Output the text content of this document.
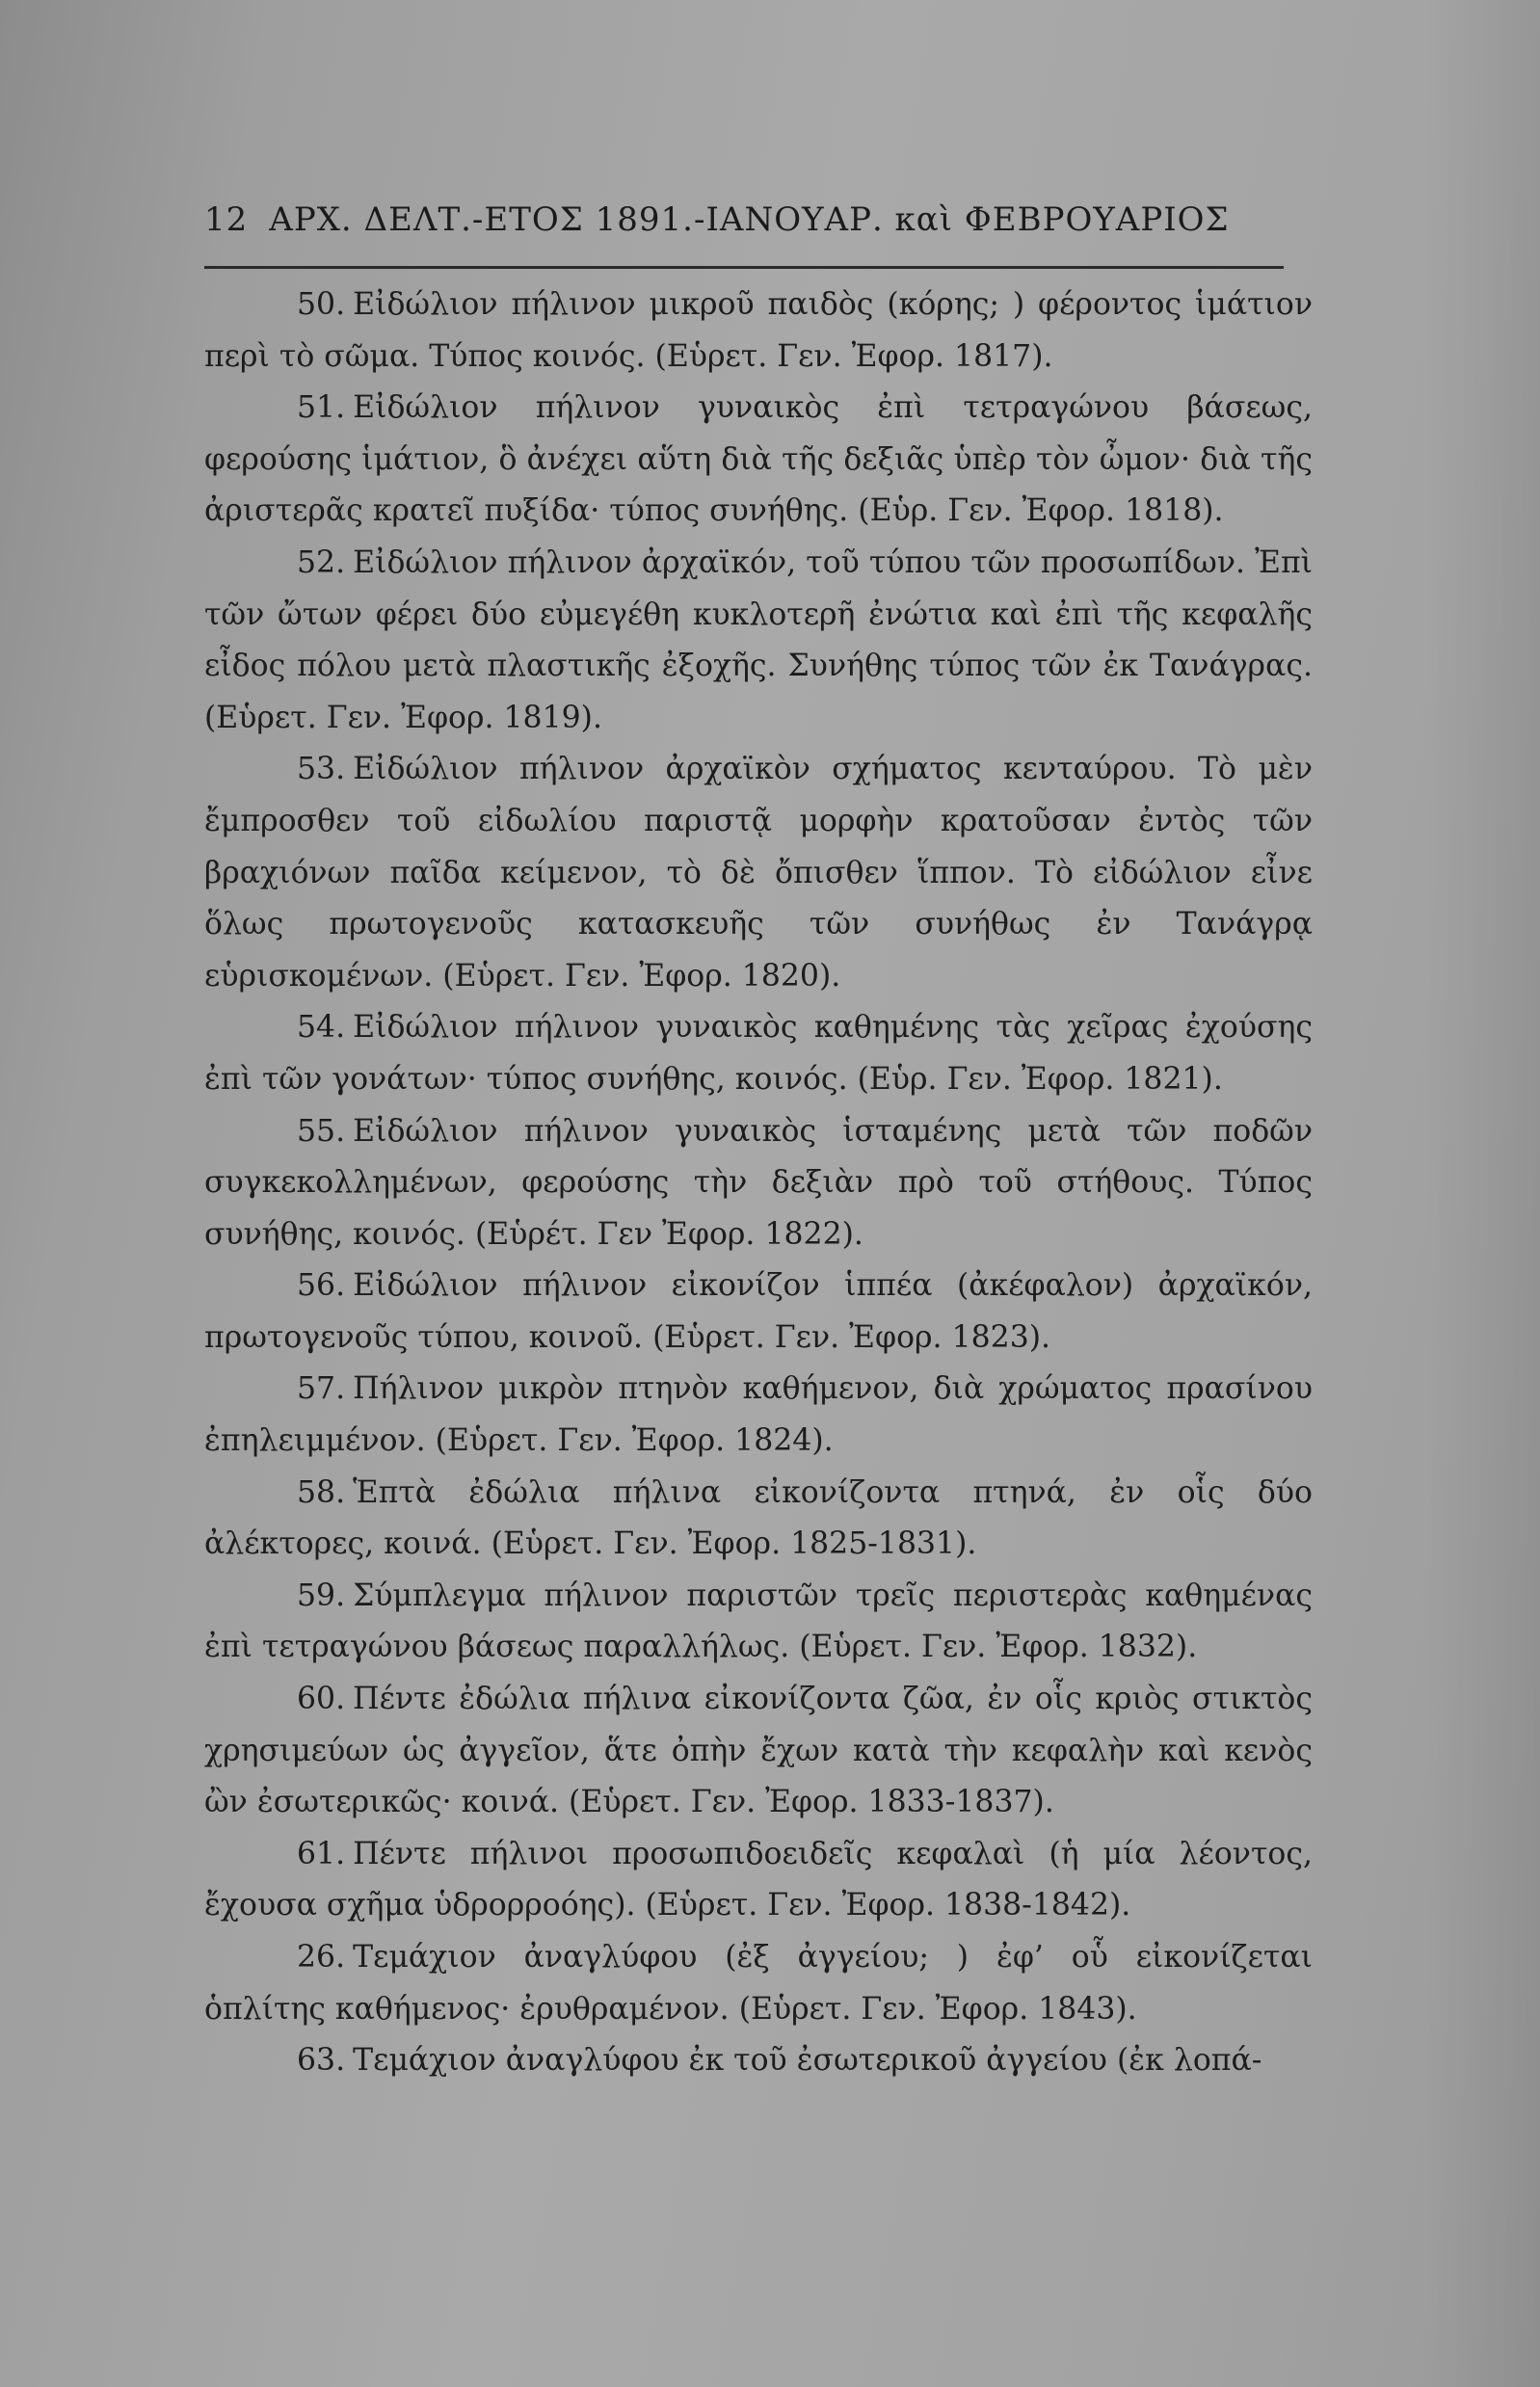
12 ΑΡΧ. ΔΕΛΤ.-ΕΤΟΣ 1891.-ΙΑΝΟΥΑΡ. καὶ ΦΕΒΡΟΥΑΡΙΟΣ

50. Εἰδώλιον πήλινον μικροῦ παιδὸς (κόρης; ) φέροντος ἱμάτιον περὶ τὸ σῶμα. Τύπος κοινός. (Εὑρετ. Γεν. Ἐφορ. 1817).

51. Εἰδώλιον πήλινον γυναικὸς ἐπὶ τετραγώνου βάσεως, φερούσης ἱμάτιον, ὃ ἀνέχει αὕτη διὰ τῆς δεξιᾶς ὑπὲρ τὸν ὦμον· διὰ τῆς ἀριστερᾶς κρατεῖ πυξίδα· τύπος συνήθης. (Εὑρ. Γεν. Ἐφορ. 1818).

52. Εἰδώλιον πήλινον ἀρχαϊκόν, τοῦ τύπου τῶν προσωπίδων. Ἐπὶ τῶν ὤτων φέρει δύο εὐμεγέθη κυκλοτερῆ ἐνώτια καὶ ἐπὶ τῆς κεφαλῆς εἶδος πόλου μετὰ πλαστικῆς ἐξοχῆς. Συνήθης τύπος τῶν ἐκ Τανάγρας. (Εὑρετ. Γεν. Ἐφορ. 1819).

53. Εἰδώλιον πήλινον ἀρχαϊκὸν σχήματος κενταύρου. Τὸ μὲν ἔμπροσθεν τοῦ εἰδωλίου παριστᾷ μορφὴν κρατοῦσαν ἐντὸς τῶν βραχιόνων παῖδα κείμενον, τὸ δὲ ὄπισθεν ἵππον. Τὸ εἰδώλιον εἶνε ὅλως πρωτογενοῦς κατασκευῆς τῶν συνήθως ἐν Τανάγρᾳ εὑρισκομένων. (Εὑρετ. Γεν. Ἐφορ. 1820).

54. Εἰδώλιον πήλινον γυναικὸς καθημένης τὰς χεῖρας ἐχούσης ἐπὶ τῶν γονάτων· τύπος συνήθης, κοινός. (Εὑρ. Γεν. Ἐφορ. 1821).

55. Εἰδώλιον πήλινον γυναικὸς ἱσταμένης μετὰ τῶν ποδῶν συγκεκολλημένων, φερούσης τὴν δεξιὰν πρὸ τοῦ στήθους. Τύπος συνήθης, κοινός. (Εὑρέτ. Γεν Ἐφορ. 1822).

56. Εἰδώλιον πήλινον εἰκονίζον ἱππέα (ἀκέφαλον) ἀρχαϊκόν, πρωτογενοῦς τύπου, κοινοῦ. (Εὑρετ. Γεν. Ἐφορ. 1823).

57. Πήλινον μικρὸν πτηνὸν καθήμενον, διὰ χρώματος πρασίνου ἐπηλειμμένον. (Εὑρετ. Γεν. Ἐφορ. 1824).

58. Ἑπτὰ ἐδώλια πήλινα εἰκονίζοντα πτηνά, ἐν οἷς δύο ἀλέκτορες, κοινά. (Εὑρετ. Γεν. Ἐφορ. 1825-1831).

59. Σύμπλεγμα πήλινον παριστῶν τρεῖς περιστερὰς καθημένας ἐπὶ τετραγώνου βάσεως παραλλήλως. (Εὑρετ. Γεν. Ἐφορ. 1832).

60. Πέντε ἐδώλια πήλινα εἰκονίζοντα ζῶα, ἐν οἷς κριὸς στικτὸς χρησιμεύων ὡς ἀγγεῖον, ἅτε ὀπὴν ἔχων κατὰ τὴν κεφαλὴν καὶ κενὸς ὢν ἐσωτερικῶς· κοινά. (Εὑρετ. Γεν. Ἐφορ. 1833-1837).

61. Πέντε πήλινοι προσωπιδοειδεῖς κεφαλαὶ (ἡ μία λέοντος, ἔχουσα σχῆμα ὑδρορροόης). (Εὑρετ. Γεν. Ἐφορ. 1838-1842).

26. Τεμάχιον ἀναγλύφου (ἐξ ἀγγείου; ) ἐφ’ οὗ εἰκονίζεται ὁπλίτης καθήμενος· ἐρυθραμένον. (Εὑρετ. Γεν. Ἐφορ. 1843).

63. Τεμάχιον ἀναγλύφου ἐκ τοῦ ἐσωτερικοῦ ἀγγείου (ἐκ λοπά-
